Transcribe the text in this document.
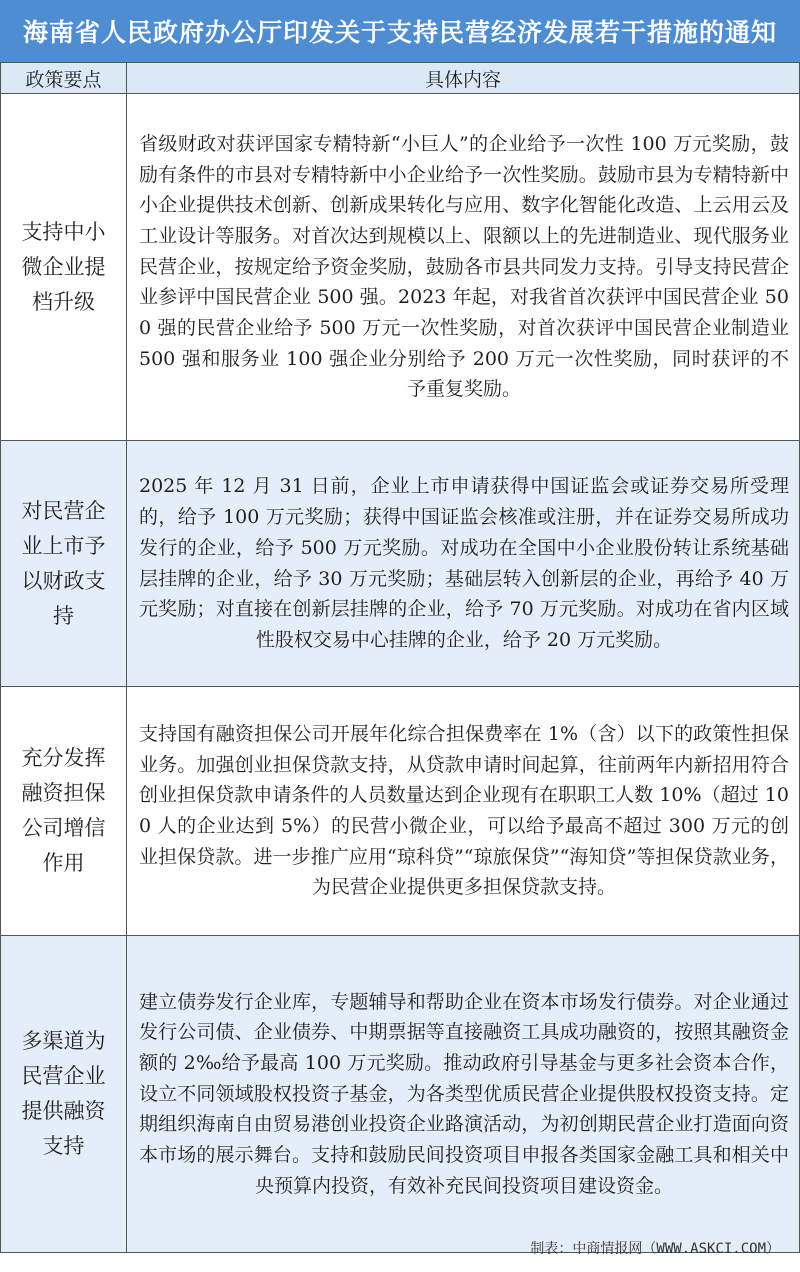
海南省人民政府办公厅印发关于支持民营经济发展若干措施的通知
政策要点	具体内容
支持中小微企业提档升级	省级财政对获评国家专精特新“小巨人”的企业给予一次性 100 万元奖励，鼓励有条件的市县对专精特新中小企业给予一次性奖励。鼓励市县为专精特新中小企业提供技术创新、创新成果转化与应用、数字化智能化改造、上云用云及工业设计等服务。对首次达到规模以上、限额以上的先进制造业、现代服务业民营企业，按规定给予资金奖励，鼓励各市县共同发力支持。引导支持民营企业参评中国民营企业 500 强。2023 年起，对我省首次获评中国民营企业 500 强的民营企业给予 500 万元一次性奖励，对首次获评中国民营企业制造业 500 强和服务业 100 强企业分别给予 200 万元一次性奖励，同时获评的不予重复奖励。
对民营企业上市予以财政支持	2025 年 12 月 31 日前，企业上市申请获得中国证监会或证券交易所受理的，给予 100 万元奖励；获得中国证监会核准或注册，并在证券交易所成功发行的企业，给予 500 万元奖励。对成功在全国中小企业股份转让系统基础层挂牌的企业，给予 30 万元奖励；基础层转入创新层的企业，再给予 40 万元奖励；对直接在创新层挂牌的企业，给予 70 万元奖励。对成功在省内区域性股权交易中心挂牌的企业，给予 20 万元奖励。
充分发挥融资担保公司增信作用	支持国有融资担保公司开展年化综合担保费率在 1%（含）以下的政策性担保业务。加强创业担保贷款支持，从贷款申请时间起算，往前两年内新招用符合创业担保贷款申请条件的人员数量达到企业现有在职职工人数 10%（超过 100 人的企业达到 5%）的民营小微企业，可以给予最高不超过 300 万元的创业担保贷款。进一步推广应用“琼科贷”“琼旅保贷”“海知贷”等担保贷款业务，为民营企业提供更多担保贷款支持。
多渠道为民营企业提供融资支持	建立债券发行企业库，专题辅导和帮助企业在资本市场发行债券。对企业通过发行公司债、企业债券、中期票据等直接融资工具成功融资的，按照其融资金额的 2‰给予最高 100 万元奖励。推动政府引导基金与更多社会资本合作，设立不同领域股权投资子基金，为各类型优质民营企业提供股权投资支持。定期组织海南自由贸易港创业投资企业路演活动，为初创期民营企业打造面向资本市场的展示舞台。支持和鼓励民间投资项目申报各类国家金融工具和相关中央预算内投资，有效补充民间投资项目建设资金。
制表：中商情报网（WWW.ASKCI.COM）
